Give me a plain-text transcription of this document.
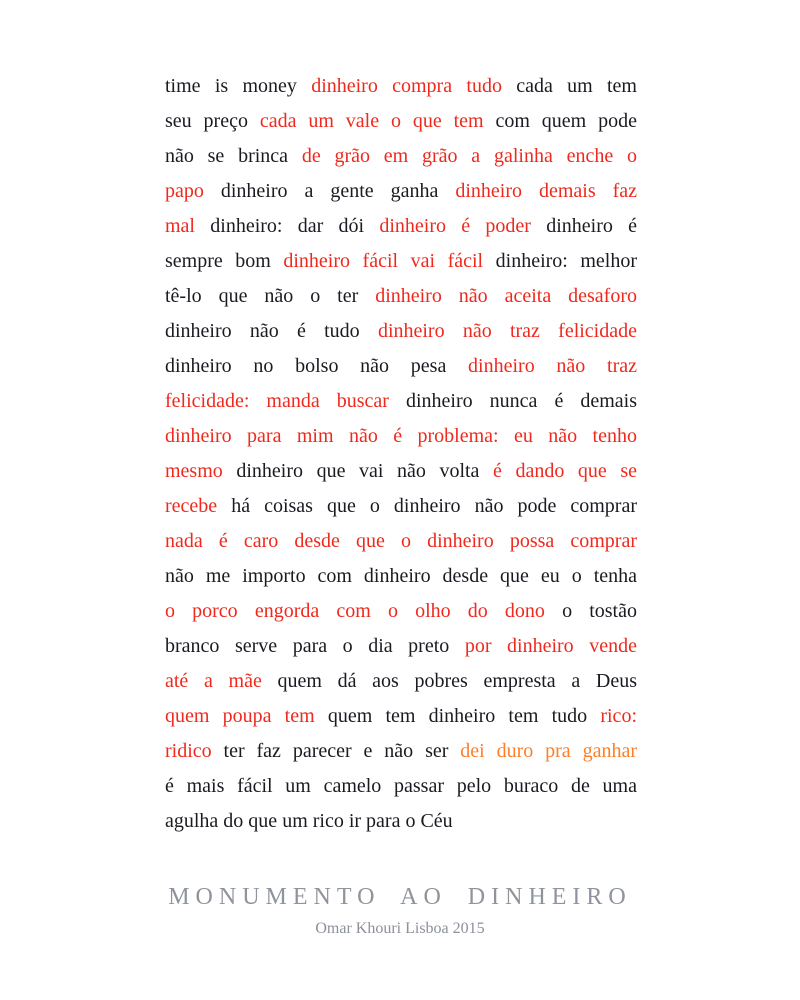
time is money dinheiro compra tudo cada um tem
seu preço cada um vale o que tem com quem pode
não se brinca de grão em grão a galinha enche o
papo dinheiro a gente ganha dinheiro demais faz
mal dinheiro: dar dói dinheiro é poder dinheiro é
sempre bom dinheiro fácil vai fácil dinheiro: melhor
tê-lo que não o ter dinheiro não aceita desaforo
dinheiro não é tudo dinheiro não traz felicidade
dinheiro no bolso não pesa dinheiro não traz
felicidade: manda buscar dinheiro nunca é demais
dinheiro para mim não é problema: eu não tenho
mesmo dinheiro que vai não volta é dando que se
recebe há coisas que o dinheiro não pode comprar
nada é caro desde que o dinheiro possa comprar
não me importo com dinheiro desde que eu o tenha
o porco engorda com o olho do dono o tostão
branco serve para o dia preto por dinheiro vende
até a mãe quem dá aos pobres empresta a Deus
quem poupa tem quem tem dinheiro tem tudo rico:
ridico ter faz parecer e não ser dei duro pra ganhar
é mais fácil um camelo passar pelo buraco de uma
agulha do que um rico ir para o Céu
MONUMENTO AO DINHEIRO
Omar Khouri Lisboa 2015
